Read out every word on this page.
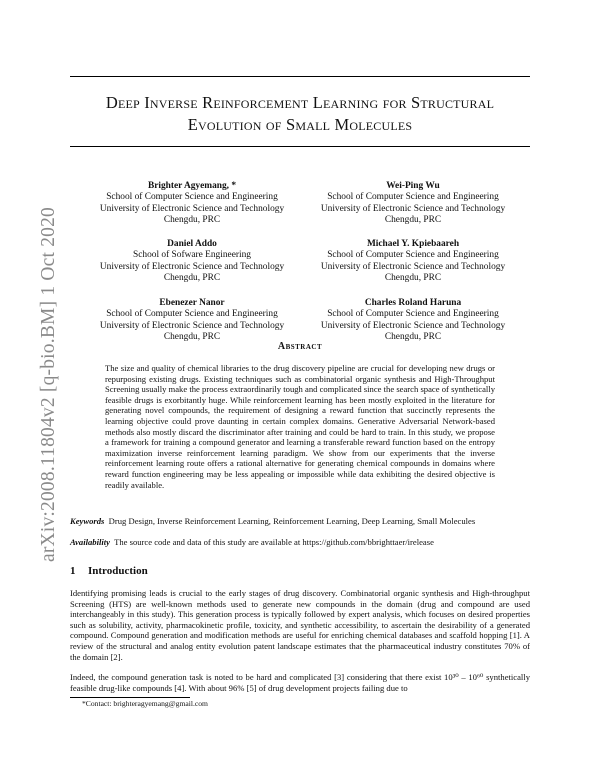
Deep Inverse Reinforcement Learning for Structural
Evolution of Small Molecules
arXiv:2008.11804v2 [q-bio.BM] 1 Oct 2020
Brighter Agyemang, *
School of Computer Science and Engineering
University of Electronic Science and Technology
Chengdu, PRC
Wei-Ping Wu
School of Computer Science and Engineering
University of Electronic Science and Technology
Chengdu, PRC
Daniel Addo
School of Sofware Engineering
University of Electronic Science and Technology
Chengdu, PRC
Michael Y. Kpiebaareh
School of Computer Science and Engineering
University of Electronic Science and Technology
Chengdu, PRC
Ebenezer Nanor
School of Computer Science and Engineering
University of Electronic Science and Technology
Chengdu, PRC
Charles Roland Haruna
School of Computer Science and Engineering
University of Electronic Science and Technology
Chengdu, PRC
Abstract
The size and quality of chemical libraries to the drug discovery pipeline are crucial for developing new drugs or repurposing existing drugs. Existing techniques such as combinatorial organic synthesis and High-Throughput Screening usually make the process extraordinarily tough and complicated since the search space of synthetically feasible drugs is exorbitantly huge. While reinforcement learning has been mostly exploited in the literature for generating novel compounds, the requirement of designing a reward function that succinctly represents the learning objective could prove daunting in certain complex domains. Generative Adversarial Network-based methods also mostly discard the discriminator after training and could be hard to train. In this study, we propose a framework for training a compound generator and learning a transferable reward function based on the entropy maximization inverse reinforcement learning paradigm. We show from our experiments that the inverse reinforcement learning route offers a rational alternative for generating chemical compounds in domains where reward function engineering may be less appealing or impossible while data exhibiting the desired objective is readily available.
Keywords Drug Design, Inverse Reinforcement Learning, Reinforcement Learning, Deep Learning, Small Molecules
Availability The source code and data of this study are available at https://github.com/bbrighttaer/irelease
1 Introduction
Identifying promising leads is crucial to the early stages of drug discovery. Combinatorial organic synthesis and High-throughput Screening (HTS) are well-known methods used to generate new compounds in the domain (drug and compound are used interchangeably in this study). This generation process is typically followed by expert analysis, which focuses on desired properties such as solubility, activity, pharmacokinetic profile, toxicity, and synthetic accessibility, to ascertain the desirability of a generated compound. Compound generation and modification methods are useful for enriching chemical databases and scaffold hopping [1]. A review of the structural and analog entity evolution patent landscape estimates that the pharmaceutical industry constitutes 70% of the domain [2].
Indeed, the compound generation task is noted to be hard and complicated [3] considering that there exist 10³⁰ – 10⁶⁰ synthetically feasible drug-like compounds [4]. With about 96% [5] of drug development projects failing due to
*Contact: brighteragyemang@gmail.com
